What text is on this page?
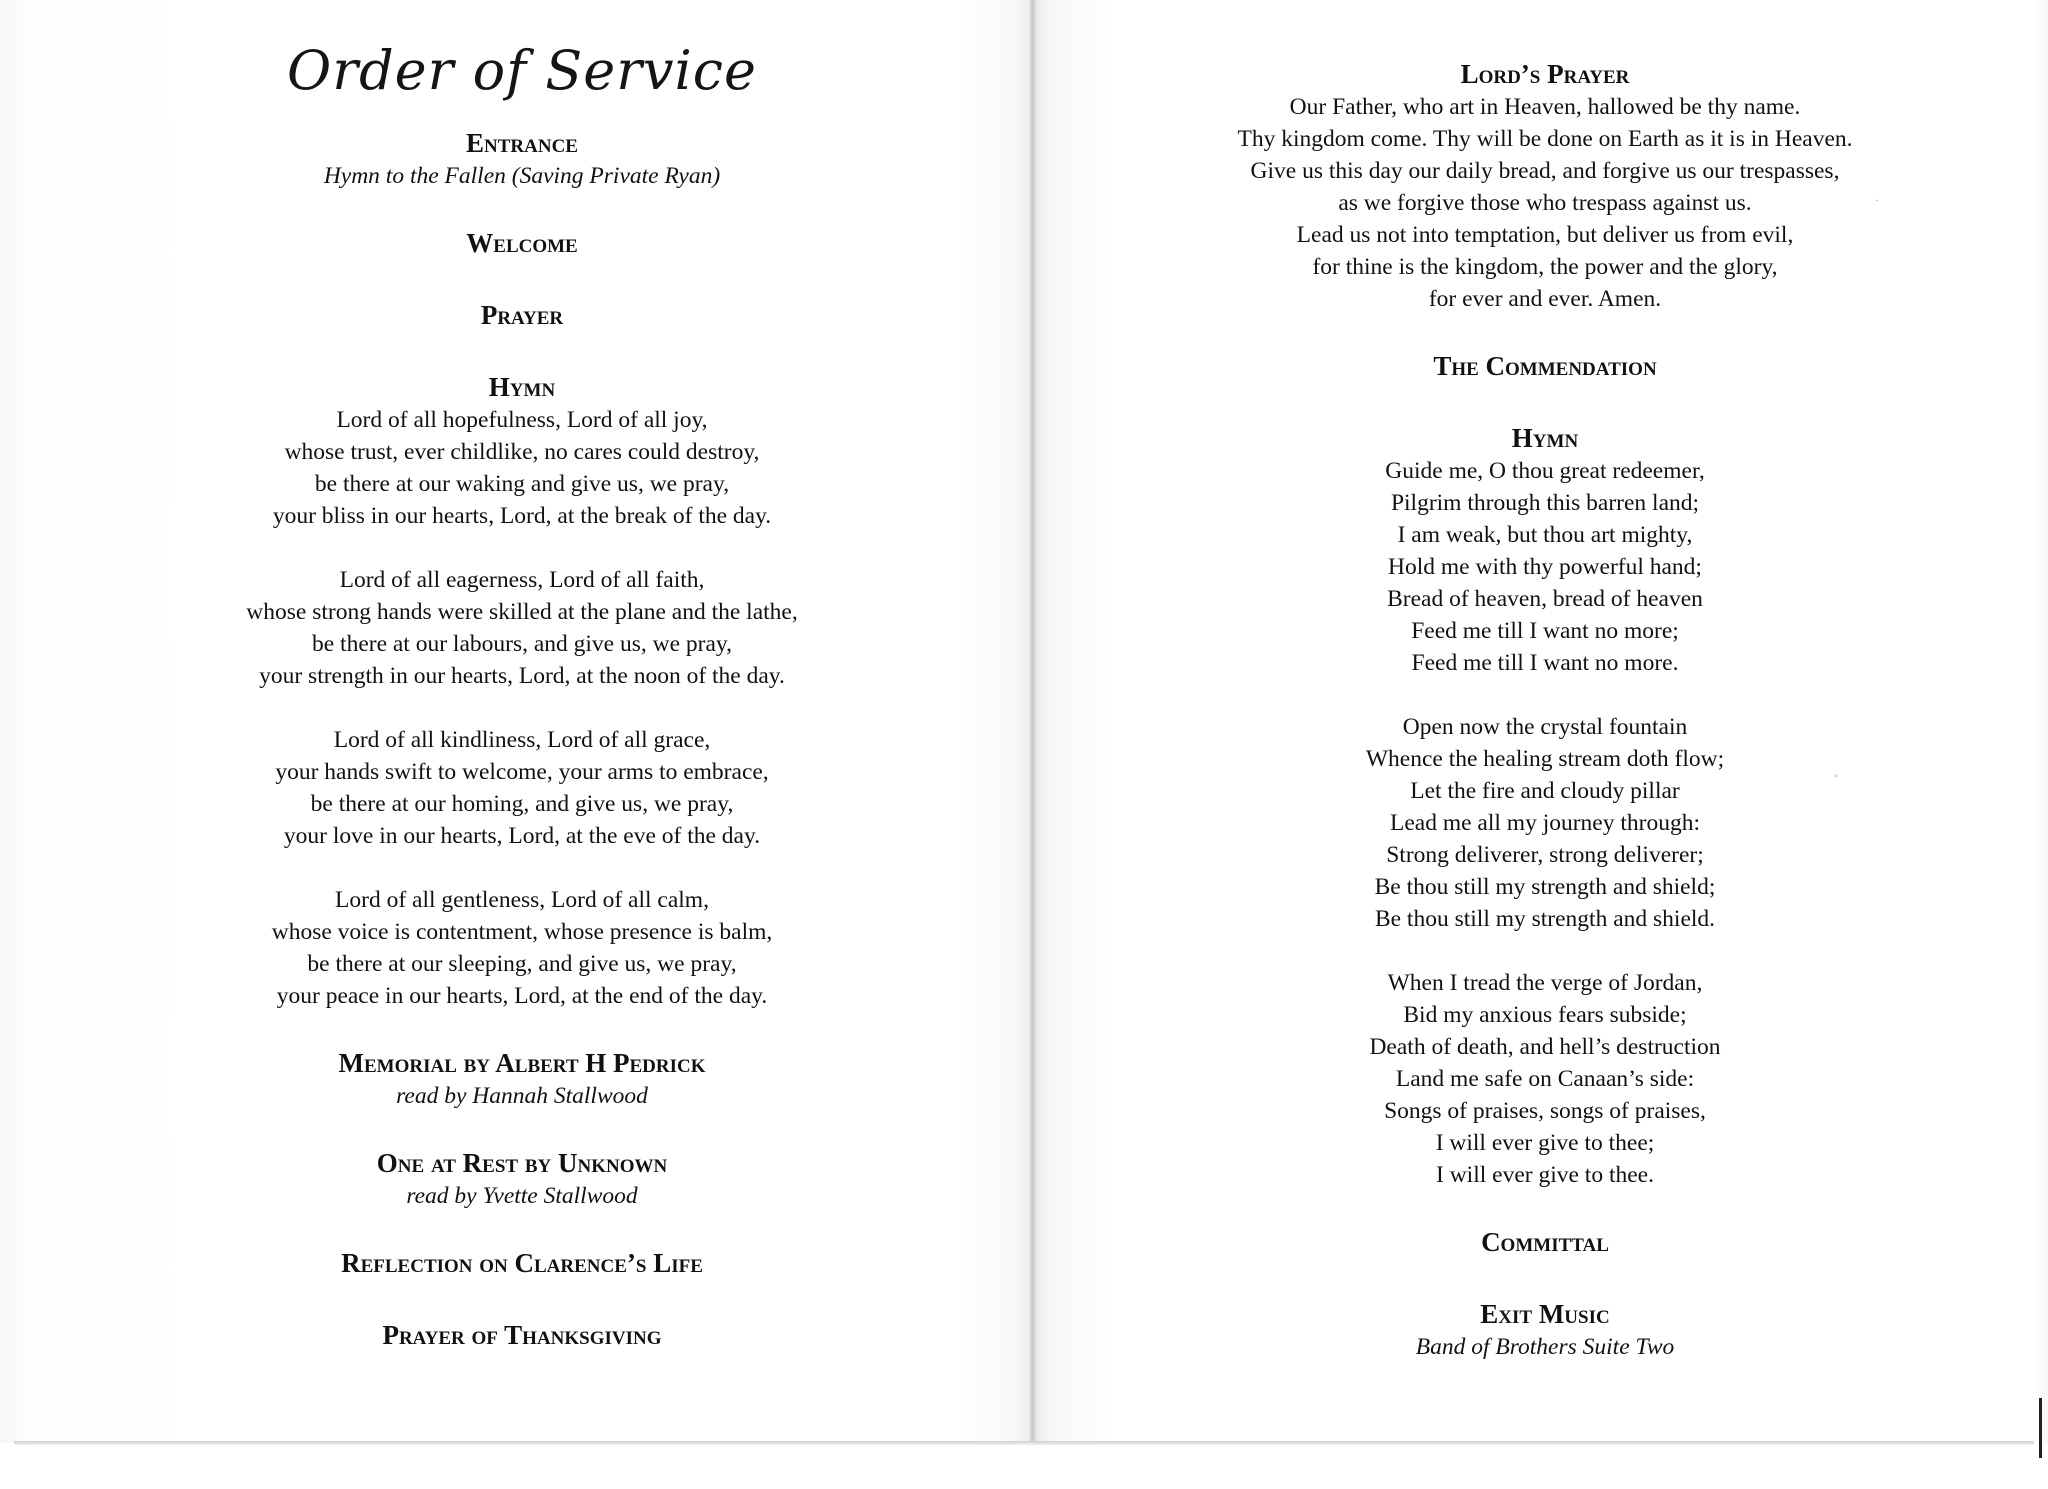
·
◦
Order of Service

Entrance

Hymn to the Fallen (Saving Private Ryan)

Welcome

Prayer

Hymn

Lord of all hopefulness, Lord of all joy,

whose trust, ever childlike, no cares could destroy,

be there at our waking and give us, we pray,

your bliss in our hearts, Lord, at the break of the day.

Lord of all eagerness, Lord of all faith,

whose strong hands were skilled at the plane and the lathe,

be there at our labours, and give us, we pray,

your strength in our hearts, Lord, at the noon of the day.

Lord of all kindliness, Lord of all grace,

your hands swift to welcome, your arms to embrace,

be there at our homing, and give us, we pray,

your love in our hearts, Lord, at the eve of the day.

Lord of all gentleness, Lord of all calm,

whose voice is contentment, whose presence is balm,

be there at our sleeping, and give us, we pray,

your peace in our hearts, Lord, at the end of the day.

Memorial by Albert H Pedrick

read by Hannah Stallwood

One at Rest by Unknown

read by Yvette Stallwood

Reflection on Clarence’s Life

Prayer of Thanksgiving

Lord’s Prayer

Our Father, who art in Heaven, hallowed be thy name.

Thy kingdom come. Thy will be done on Earth as it is in Heaven.

Give us this day our daily bread, and forgive us our trespasses,

as we forgive those who trespass against us.

Lead us not into temptation, but deliver us from evil,

for thine is the kingdom, the power and the glory,

for ever and ever. Amen.

The Commendation

Hymn

Guide me, O thou great redeemer,

Pilgrim through this barren land;

I am weak, but thou art mighty,

Hold me with thy powerful hand;

Bread of heaven, bread of heaven

Feed me till I want no more;

Feed me till I want no more.

Open now the crystal fountain

Whence the healing stream doth flow;

Let the fire and cloudy pillar

Lead me all my journey through:

Strong deliverer, strong deliverer;

Be thou still my strength and shield;

Be thou still my strength and shield.

When I tread the verge of Jordan,

Bid my anxious fears subside;

Death of death, and hell’s destruction

Land me safe on Canaan’s side:

Songs of praises, songs of praises,

I will ever give to thee;

I will ever give to thee.

Committal

Exit Music

Band of Brothers Suite Two
